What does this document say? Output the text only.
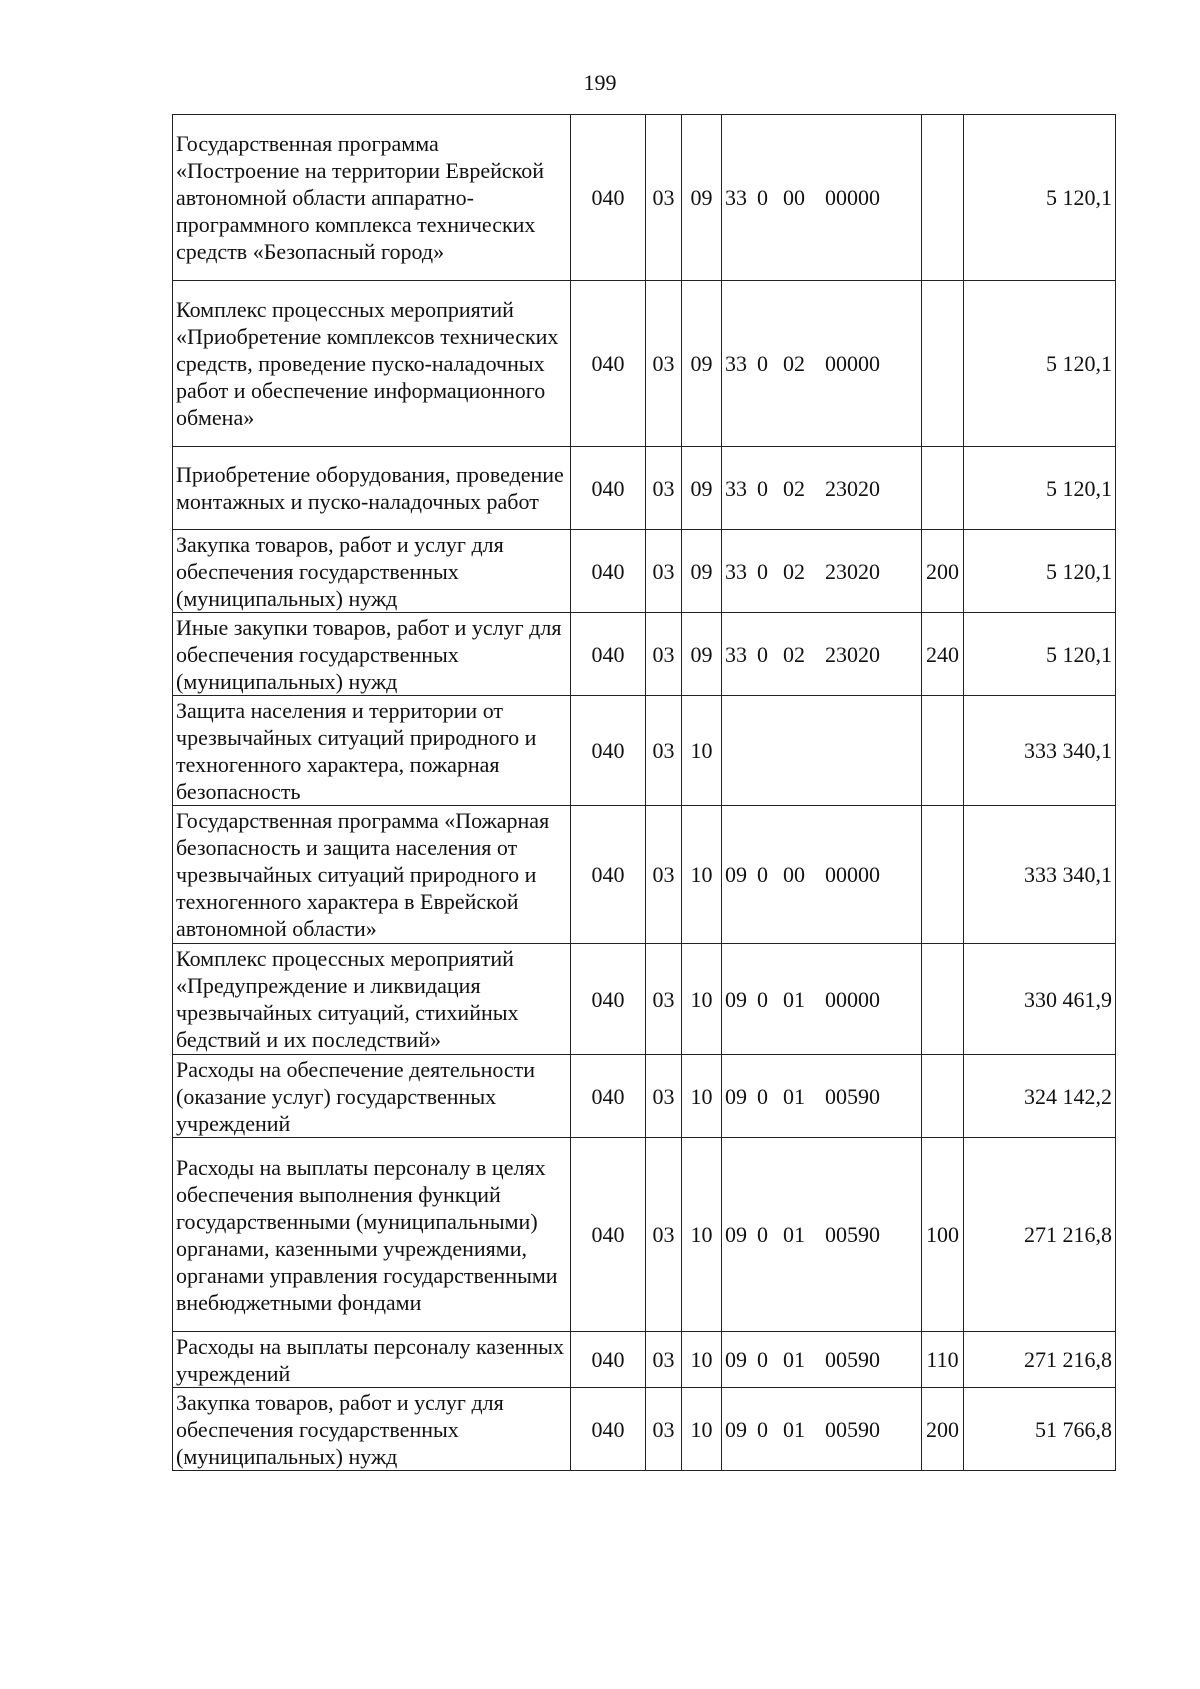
199
Государственная программа «Построение на территории Еврейской автономной области аппаратно-программного комплекса технических средств «Безопасный город»	040	03	09	33 0 00 00000		5 120,1
Комплекс процессных мероприятий «Приобретение комплексов технических средств, проведение пуско-наладочных работ и обеспечение информационного обмена»	040	03	09	33 0 02 00000		5 120,1
Приобретение оборудования, проведение монтажных и пуско-наладочных работ	040	03	09	33 0 02 23020		5 120,1
Закупка товаров, работ и услуг для обеспечения государственных (муниципальных) нужд	040	03	09	33 0 02 23020	200	5 120,1
Иные закупки товаров, работ и услуг для обеспечения государственных (муниципальных) нужд	040	03	09	33 0 02 23020	240	5 120,1
Защита населения и территории от чрезвычайных ситуаций природного и техногенного характера, пожарная безопасность	040	03	10			333 340,1
Государственная программа «Пожарная безопасность и защита населения от чрезвычайных ситуаций природного и техногенного характера в Еврейской автономной области»	040	03	10	09 0 00 00000		333 340,1
Комплекс процессных мероприятий «Предупреждение и ликвидация чрезвычайных ситуаций, стихийных бедствий и их последствий»	040	03	10	09 0 01 00000		330 461,9
Расходы на обеспечение деятельности (оказание услуг) государственных учреждений	040	03	10	09 0 01 00590		324 142,2
Расходы на выплаты персоналу в целях обеспечения выполнения функций государственными (муниципальными) органами, казенными учреждениями, органами управления государственными внебюджетными фондами	040	03	10	09 0 01 00590	100	271 216,8
Расходы на выплаты персоналу казенных учреждений	040	03	10	09 0 01 00590	110	271 216,8
Закупка товаров, работ и услуг для обеспечения государственных (муниципальных) нужд	040	03	10	09 0 01 00590	200	51 766,8
